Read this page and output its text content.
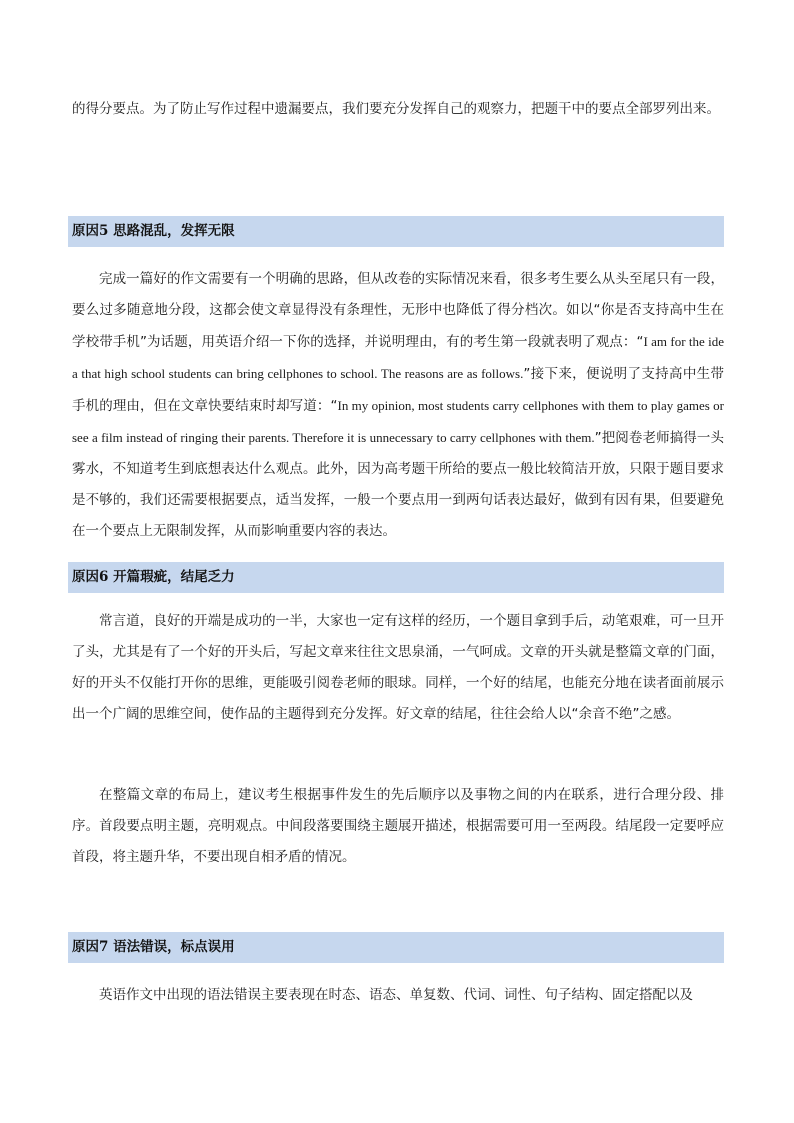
的得分要点。为了防止写作过程中遗漏要点，我们要充分发挥自己的观察力，把题干中的要点全部罗列出来。
原因5 思路混乱，发挥无限
完成一篇好的作文需要有一个明确的思路，但从改卷的实际情况来看，很多考生要么从头至尾只有一段，要么过多随意地分段，这都会使文章显得没有条理性，无形中也降低了得分档次。如以“你是否支持高中生在学校带手机”为话题，用英语介绍一下你的选择，并说明理由，有的考生第一段就表明了观点：“I am for the idea that high school students can bring cellphones to school. The reasons are as follows.”接下来，便说明了支持高中生带手机的理由，但在文章快要结束时却写道：“In my opinion, most students carry cellphones with them to play games or see a film instead of ringing their parents. Therefore it is unnecessary to carry cellphones with them.”把阅卷老师搞得一头雾水，不知道考生到底想表达什么观点。此外，因为高考题干所给的要点一般比较简洁开放，只限于题目要求是不够的，我们还需要根据要点，适当发挥，一般一个要点用一到两句话表达最好，做到有因有果，但要避免在一个要点上无限制发挥，从而影响重要内容的表达。
原因6 开篇瑕疵，结尾乏力
常言道，良好的开端是成功的一半，大家也一定有这样的经历，一个题目拿到手后，动笔艰难，可一旦开了头，尤其是有了一个好的开头后，写起文章来往往文思泉涌，一气呵成。文章的开头就是整篇文章的门面，好的开头不仅能打开你的思维，更能吸引阅卷老师的眼球。同样，一个好的结尾，也能充分地在读者面前展示出一个广阔的思维空间，使作品的主题得到充分发挥。好文章的结尾，往往会给人以“余音不绝”之感。
在整篇文章的布局上，建议考生根据事件发生的先后顺序以及事物之间的内在联系，进行合理分段、排序。首段要点明主题，亮明观点。中间段落要围绕主题展开描述，根据需要可用一至两段。结尾段一定要呼应首段，将主题升华，不要出现自相矛盾的情况。
原因7 语法错误，标点误用
英语作文中出现的语法错误主要表现在时态、语态、单复数、代词、词性、句子结构、固定搭配以及
